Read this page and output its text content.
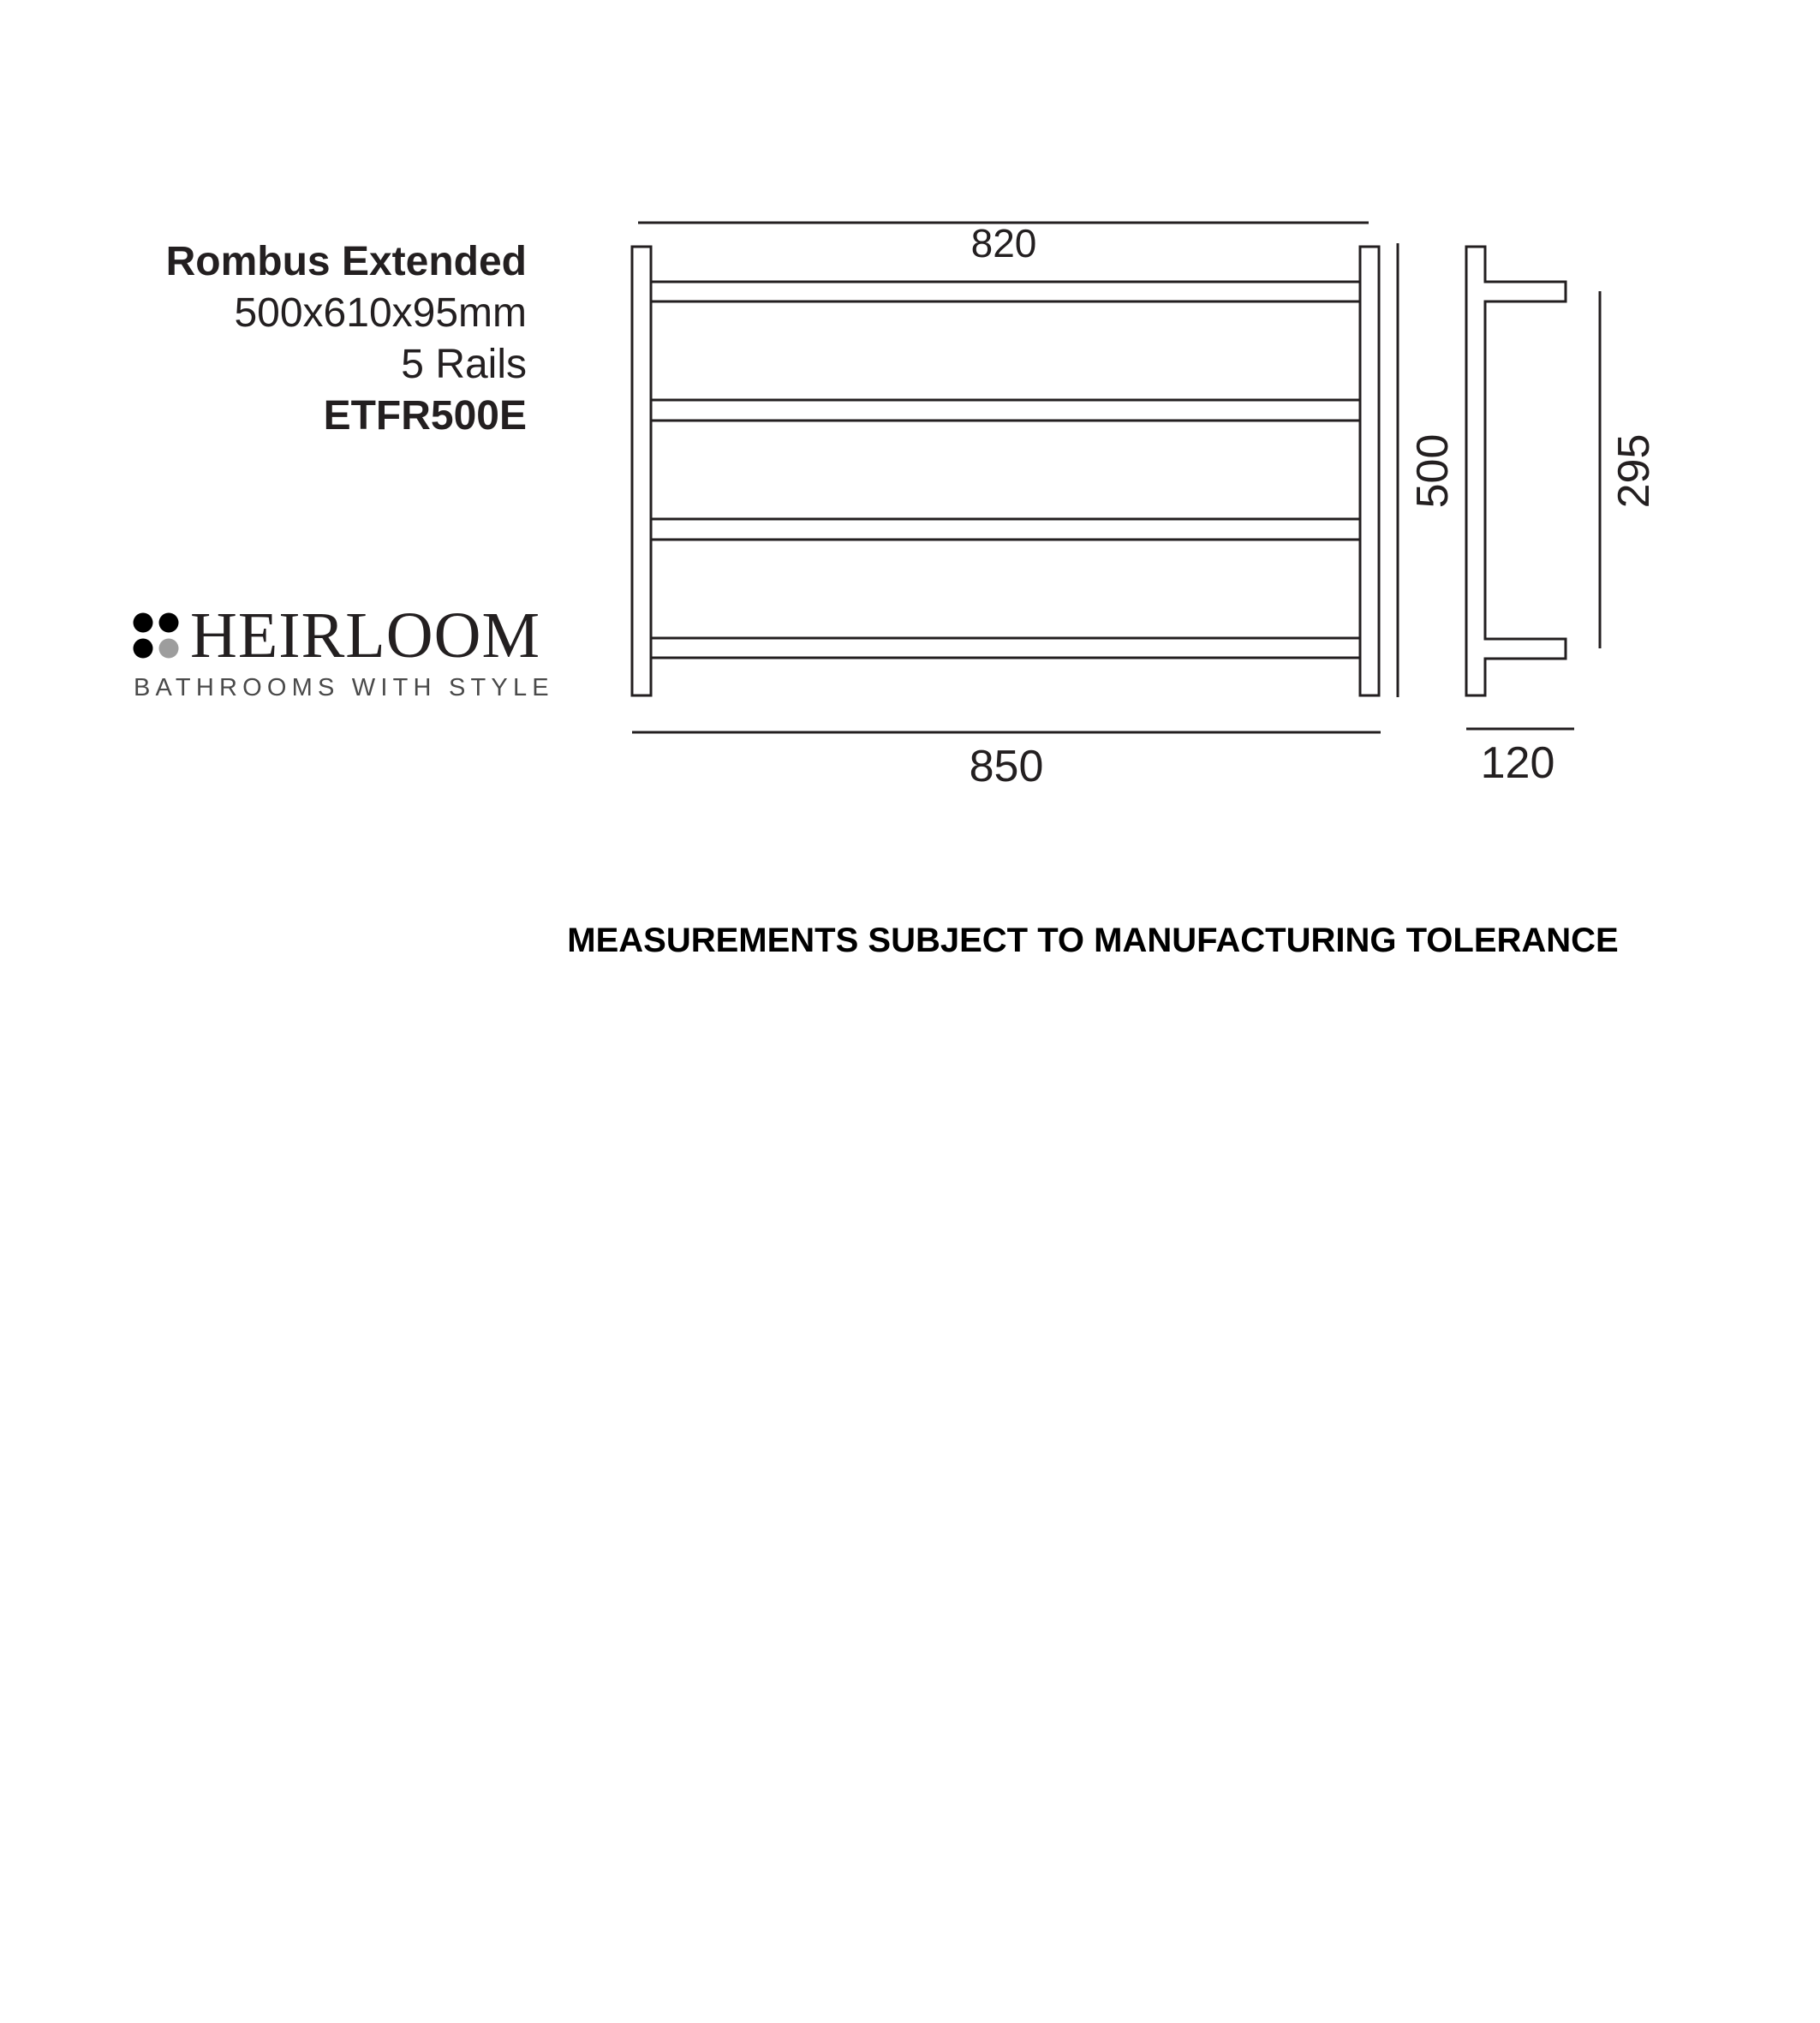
Rombus Extended
500x610x95mm
5 Rails
ETFR500E
HEIRLOOM
BATHROOMS WITH STYLE
820
850
500	295
120
MEASUREMENTS SUBJECT TO MANUFACTURING TOLERANCE
